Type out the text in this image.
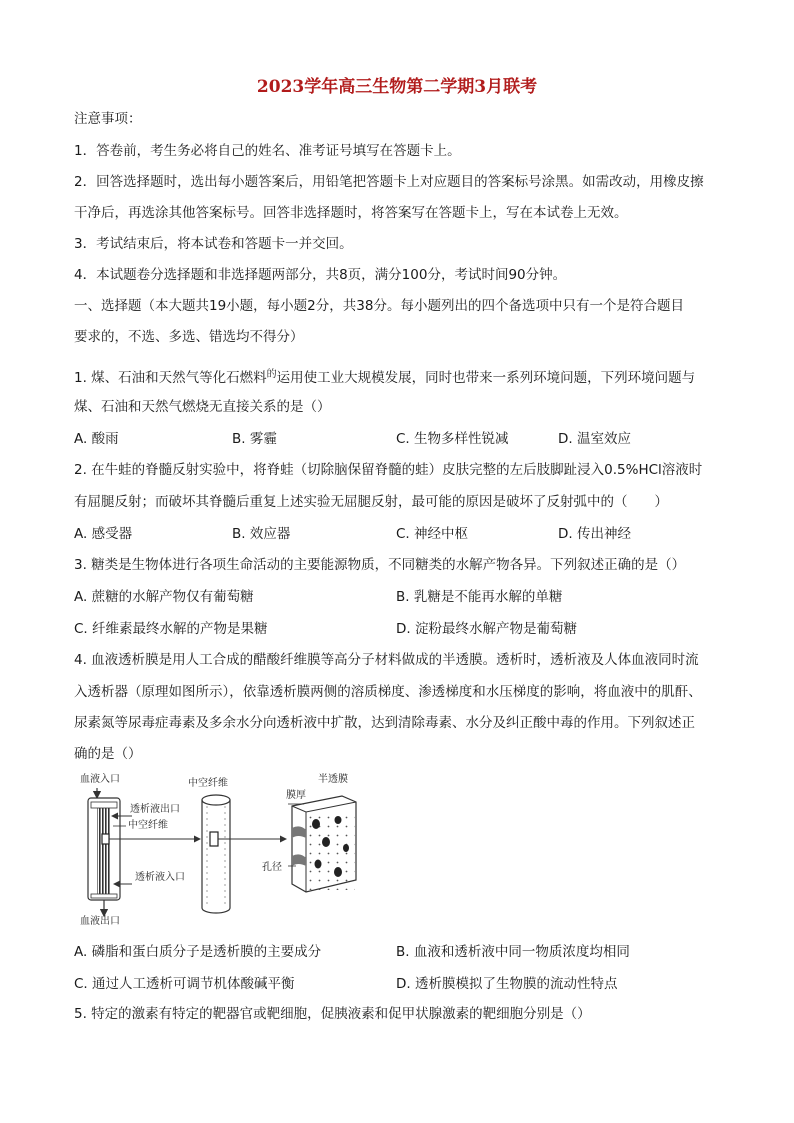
2023学年高三生物第二学期3月联考
注意事项：
1．答卷前，考生务必将自己的姓名、准考证号填写在答题卡上。
2．回答选择题时，选出每小题答案后，用铅笔把答题卡上对应题目的答案标号涂黑。如需改动，用橡皮擦
干净后，再选涂其他答案标号。回答非选择题时，将答案写在答题卡上，写在本试卷上无效。
3．考试结束后，将本试卷和答题卡一并交回。
4．本试题卷分选择题和非选择题两部分，共8页，满分100分，考试时间90分钟。
一、选择题（本大题共19小题，每小题2分，共38分。每小题列出的四个备选项中只有一个是符合题目
要求的，不选、多选、错选均不得分）
1. 煤、石油和天然气等化石燃料$^的$运用使工业大规模发展，同时也带来一系列环境问题，下列环境问题与
煤、石油和天然气燃烧无直接关系的是（）
A. 酸雨	B. 雾霾	C. 生物多样性锐减	D. 温室效应
2. 在牛蛙的脊髓反射实验中，将脊蛙（切除脑保留脊髓的蛙）皮肤完整的左后肢脚趾浸入0.5%HCl溶液时
有屈腿反射；而破坏其脊髓后重复上述实验无屈腿反射，最可能的原因是破坏了反射弧中的（　　）
A. 感受器	B. 效应器	C. 神经中枢	D. 传出神经
3. 糖类是生物体进行各项生命活动的主要能源物质，不同糖类的水解产物各异。下列叙述正确的是（）
A. 蔗糖的水解产物仅有葡萄糖	B. 乳糖是不能再水解的单糖
C. 纤维素最终水解的产物是果糖	D. 淀粉最终水解产物是葡萄糖
4. 血液透析膜是用人工合成的醋酸纤维膜等高分子材料做成的半透膜。透析时，透析液及人体血液同时流
入透析器（原理如图所示），依靠透析膜两侧的溶质梯度、渗透梯度和水压梯度的影响，将血液中的肌酐、
尿素氮等尿毒症毒素及多余水分向透析液中扩散，达到清除毒素、水分及纠正酸中毒的作用。下列叙述正
确的是（）
血液入口
透析液出口
中空纤维
透析液入口
血液出口
中空纤维	半透膜
膜厚
孔径
A. 磷脂和蛋白质分子是透析膜的主要成分	B. 血液和透析液中同一物质浓度均相同
C. 通过人工透析可调节机体酸碱平衡	D. 透析膜模拟了生物膜的流动性特点
5. 特定的激素有特定的靶器官或靶细胞，促胰液素和促甲状腺激素的靶细胞分别是（）
